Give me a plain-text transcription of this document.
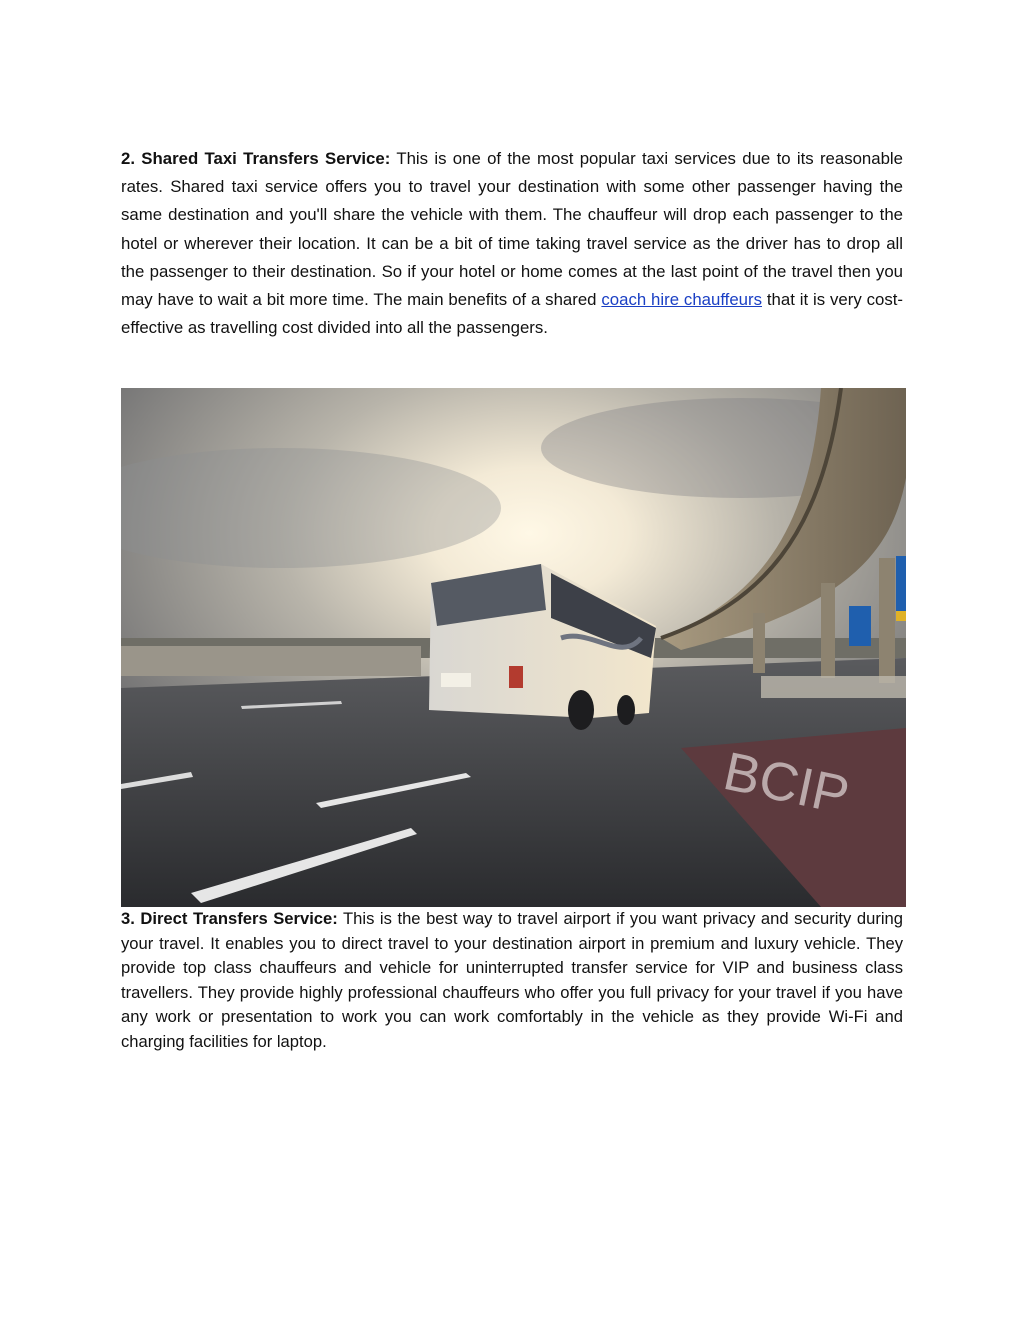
2. Shared Taxi Transfers Service: This is one of the most popular taxi services due to its reasonable rates. Shared taxi service offers you to travel your destination with some other passenger having the same destination and you'll share the vehicle with them. The chauffeur will drop each passenger to the hotel or wherever their location. It can be a bit of time taking travel service as the driver has to drop all the passenger to their destination. So if your hotel or home comes at the last point of the travel then you may have to wait a bit more time. The main benefits of a shared coach hire chauffeurs that it is very cost-effective as travelling cost divided into all the passengers.

BCIP

3. Direct Transfers Service: This is the best way to travel airport if you want privacy and security during your travel. It enables you to direct travel to your destination airport in premium and luxury vehicle. They provide top class chauffeurs and vehicle for uninterrupted transfer service for VIP and business class travellers. They provide highly professional chauffeurs who offer you full privacy for your travel if you have any work or presentation to work you can work comfortably in the vehicle as they provide Wi-Fi and charging facilities for laptop.
